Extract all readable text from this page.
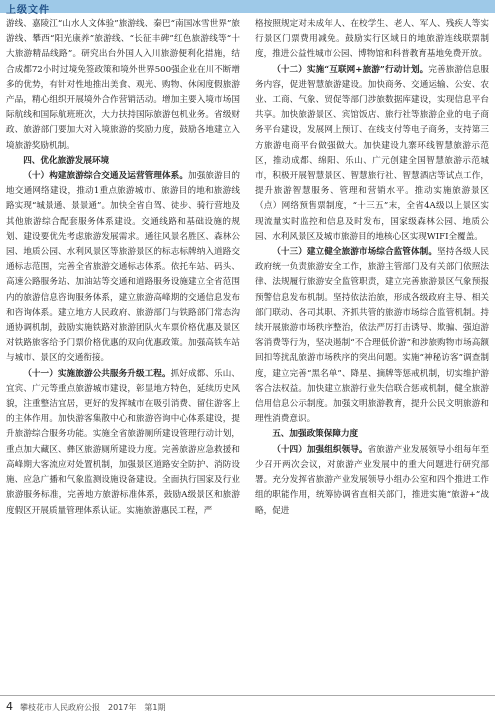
上级文件

游线、嘉陵江“山水人文体验”旅游线、秦巴“南国冰雪世界”旅游线、攀西“阳光康养”旅游线、“长征丰碑”红色旅游线等“十大旅游精品线路”。研究出台外国人入川旅游便利化措施，结合成都72小时过境免签政策和境外世界500强企业在川不断增多的优势，有针对性地推出美食、观光、购物、休闲度假旅游产品，精心组织开展境外合作营销活动。增加主要入境市场国际航线和国际航班班次，大力扶持国际旅游包机业务。省级财政、旅游部门要加大对入境旅游的奖励力度，鼓励各地建立入境旅游奖励机制。

四、优化旅游发展环境

（十）构建旅游综合交通及运营管理体系。加强旅游目的地交通网络建设，推动1重点旅游城市、旅游目的地和旅游线路实现“城景通、景景通”。加快全省自驾、徒步、骑行营地及其他旅游综合配套服务体系建设。交通线路和基础设施的规划、建设要优先考虑旅游发展需求。通往风景名胜区、森林公园、地质公园、水利风景区等旅游景区的标志标牌纳入道路交通标志范围，完善全省旅游交通标志体系。依托车站、码头、高速公路服务站、加油站等交通和道路服务设施建立全省范围内的旅游信息咨询服务体系，建立旅游高峰期的交通信息发布和咨询体系。建立地方人民政府、旅游部门与铁路部门常态沟通协调机制，鼓励实施铁路对旅游团队火车票价格优惠及景区对铁路旅客给予门票价格优惠的双向优惠政策。加强高铁车站与城市、景区的交通衔接。

（十一）实施旅游公共服务升级工程。抓好成都、乐山、宜宾、广元等重点旅游城市建设，彰显地方特色，延续历史风貌，注重整洁宜居，更好的发挥城市在吸引消费、留住游客上的主体作用。加快游客集散中心和旅游咨询中心体系建设，提升旅游综合服务功能。实施全省旅游厕所建设管理行动计划，重点加大藏区、彝区旅游厕所建设力度。完善旅游应急救援和高峰期大客流应对处置机制，加强景区道路安全防护、消防设施、应急广播和气象监测设施设备建设。全面执行国家及行业旅游服务标准，完善地方旅游标准体系，鼓励A级景区和旅游度假区开展质量管理体系认证。实施旅游惠民工程，严

格按照规定对未成年人、在校学生、老人、军人、残疾人等实行景区门票费用减免。鼓励实行区域日的地旅游连线联票制度，推进公益性城市公园、博物馆和科普教育基地免费开放。

（十二）实施“互联网+旅游”行动计划。完善旅游信息服务内容，促进智慧旅游建设。加快商务、交通运输、公安、农业、工商、气象、贸促等部门涉旅数据库建设，实现信息平台共享。加快旅游景区、宾馆饭店、旅行社等旅游企业的电子商务平台建设，发展网上预订、在线支付等电子商务，支持第三方旅游电商平台做强做大。加快建设九寨环线智慧旅游示范区，推动成都、绵阳、乐山、广元创建全国智慧旅游示范城市，积极开展智慧景区、智慧旅行社、智慧酒店等试点工作，提升旅游智慧服务、管理和营销水平。推动实施旅游景区（点）网络预售票制度，“十三五”末，全省4A级以上景区实现流量实时监控和信息及时发布，国家级森林公园、地质公园、水利风景区及城市旅游目的地核心区实现WIFI全覆盖。

（十三）建立健全旅游市场综合监管体制。坚持各级人民政府统一负责旅游安全工作，旅游主管部门及有关部门依照法律、法规履行旅游安全监管职责，建立完善旅游景区气象预报预警信息发布机制。坚持依法治旅，形成各级政府主导、相关部门联动、各司其职、齐抓共管的旅游市场综合监管机制。持续开展旅游市场秩序整治，依法严厉打击诱导、欺骗、强迫游客消费等行为，坚决遏制“不合理低价游”和涉旅购物市场高额回扣等扰乱旅游市场秩序的突出问题。实施“神秘访客”调查制度，建立完善“黑名单”、降星、摘牌等惩戒机制，切实维护游客合法权益。加快建立旅游行业失信联合惩戒机制，健全旅游信用信息公示制度。加强文明旅游教育，提升公民文明旅游和理性消费意识。

五、加强政策保障力度

（十四）加强组织领导。省旅游产业发展领导小组每年至少召开两次会议，对旅游产业发展中的重大问题进行研究部署。充分发挥省旅游产业发展领导小组办公室和四个推进工作组的职能作用，统筹协调省直相关部门，推进实施“旅游+”战略，促进

4 攀枝花市人民政府公报　2017年　第1期
